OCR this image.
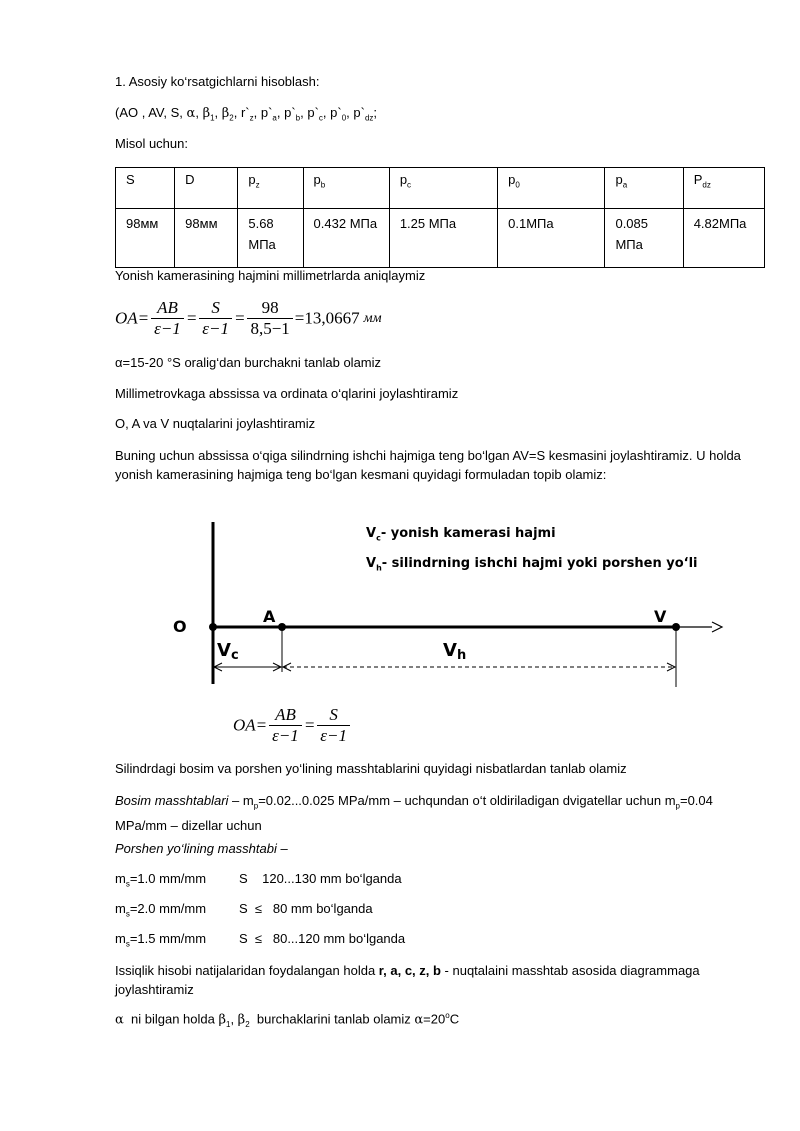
1. Asosiy ko‘rsatgichlarni hisoblash:
(AO , AV, S, α, $\beta_1$, $\beta_2$, $r`_z$, $p`_a$, $p`_b$, $p`_c$, $p`_0$, $p`_{dz}$;
Misol uchun:
S	D	$p_z$	$p_b$	$p_c$	$p_0$	$p_a$	$P_{dz}$
98мм	98мм	5.68 МПа	0.432 МПа	1.25 МПа	0.1МПа	0.085 МПа	4.82МПа
Yonish kamerasining hajmini millimetrlarda aniqlaymiz
$OA= \frac{AB}{\varepsilon-1} = \frac{S}{\varepsilon-1} = \frac{98}{8,5-1} =13,0667$ мм
α=15-20 °S oralig‘dan burchakni tanlab olamiz
Millimetrovkaga abssissa va ordinata o‘qlarini joylashtiramiz
O, A va V nuqtalarini joylashtiramiz
Buning uchun abssissa o‘qiga silindrning ishchi hajmiga teng bo‘lgan AV=S kesmasini joylashtiramiz. U holda yonish kamerasining hajmiga teng bo‘lgan kesmani quyidagi formuladan topib olamiz:
$V_c-$ yonish kamerasi hajmi
$V_h-$ silindrning ishchi hajmi yoki porshen yo‘li
O
A	V
Vc	Vh
$OA= \frac{AB}{\varepsilon-1} = \frac{S}{\varepsilon-1}$
Silindrdagi bosim va porshen yo‘lining masshtablarini quyidagi nisbatlardan tanlab olamiz
Bosim masshtablari – $m_p=0.02...0.025$ MPa/mm – uchqundan o‘t oldiriladigan dvigatellar uchun $m_p=0.04$ MPa/mm – dizellar uchun
Porshen yo‘lining masshtabi –
$m_s=1.0$ mm/mm	S    120...130 mm bo‘lganda
$m_s=2.0$ mm/mm	S  ≤   80 mm bo‘lganda
$m_s=1.5$ mm/mm	S  ≤   80...120 mm bo‘lganda
Issiqlik hisobi natijalaridan foydalangan holda r, a, c, z, b - nuqtalaini masshtab asosida diagrammaga joylashtiramiz
α  ni bilgan holda $\beta_1$, $\beta_2$  burchaklarini tanlab olamiz $\alpha=20^oC$
